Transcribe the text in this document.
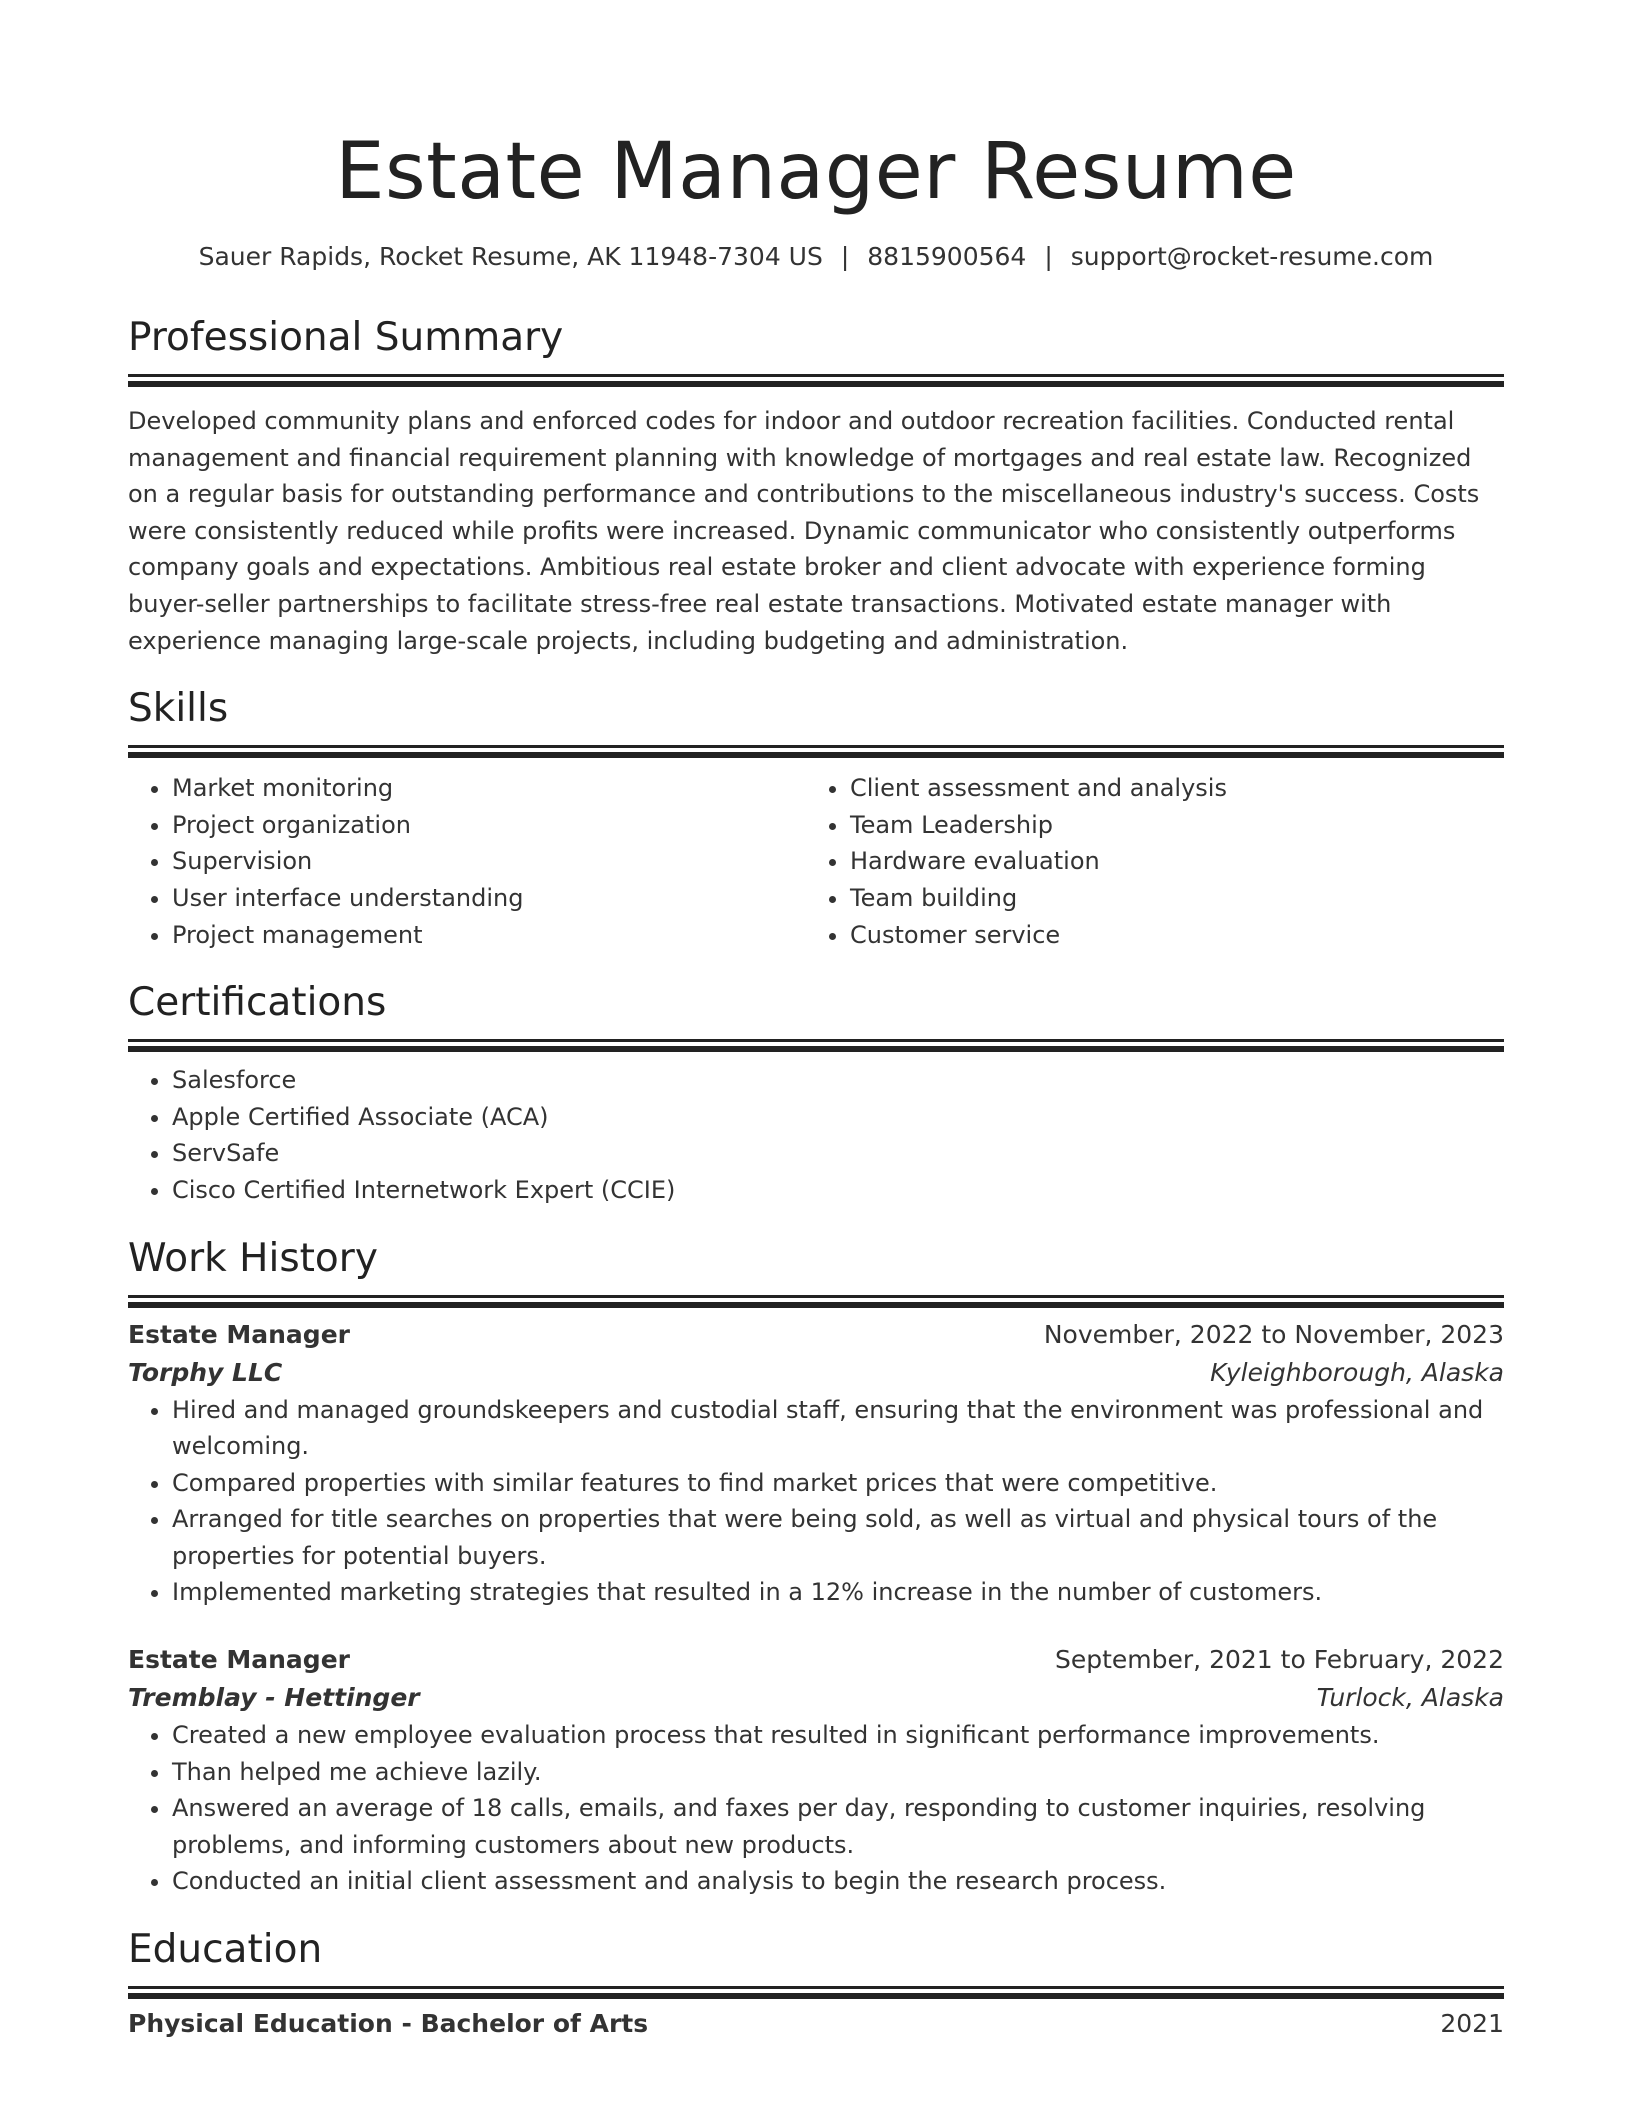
Estate Manager Resume
Sauer Rapids, Rocket Resume, AK 11948-7304 US | 8815900564 | support@rocket-resume.com
Professional Summary
Developed community plans and enforced codes for indoor and outdoor recreation facilities. Conducted rental management and financial requirement planning with knowledge of mortgages and real estate law. Recognized on a regular basis for outstanding performance and contributions to the miscellaneous industry's success. Costs were consistently reduced while profits were increased. Dynamic communicator who consistently outperforms company goals and expectations. Ambitious real estate broker and client advocate with experience forming buyer-seller partnerships to facilitate stress-free real estate transactions. Motivated estate manager with experience managing large-scale projects, including budgeting and administration.
Skills
• Market monitoring
• Project organization
• Supervision
• User interface understanding
• Project management
• Client assessment and analysis
• Team Leadership
• Hardware evaluation
• Team building
• Customer service
Certifications
• Salesforce
• Apple Certified Associate (ACA)
• ServSafe
• Cisco Certified Internetwork Expert (CCIE)
Work History
Estate Manager	November, 2022 to November, 2023
Torphy LLC	Kyleighborough, Alaska
• Hired and managed groundskeepers and custodial staff, ensuring that the environment was professional and welcoming.
• Compared properties with similar features to find market prices that were competitive.
• Arranged for title searches on properties that were being sold, as well as virtual and physical tours of the properties for potential buyers.
• Implemented marketing strategies that resulted in a 12% increase in the number of customers.
Estate Manager	September, 2021 to February, 2022
Tremblay - Hettinger	Turlock, Alaska
• Created a new employee evaluation process that resulted in significant performance improvements.
• Than helped me achieve lazily.
• Answered an average of 18 calls, emails, and faxes per day, responding to customer inquiries, resolving problems, and informing customers about new products.
• Conducted an initial client assessment and analysis to begin the research process.
Education
Physical Education - Bachelor of Arts	2021
